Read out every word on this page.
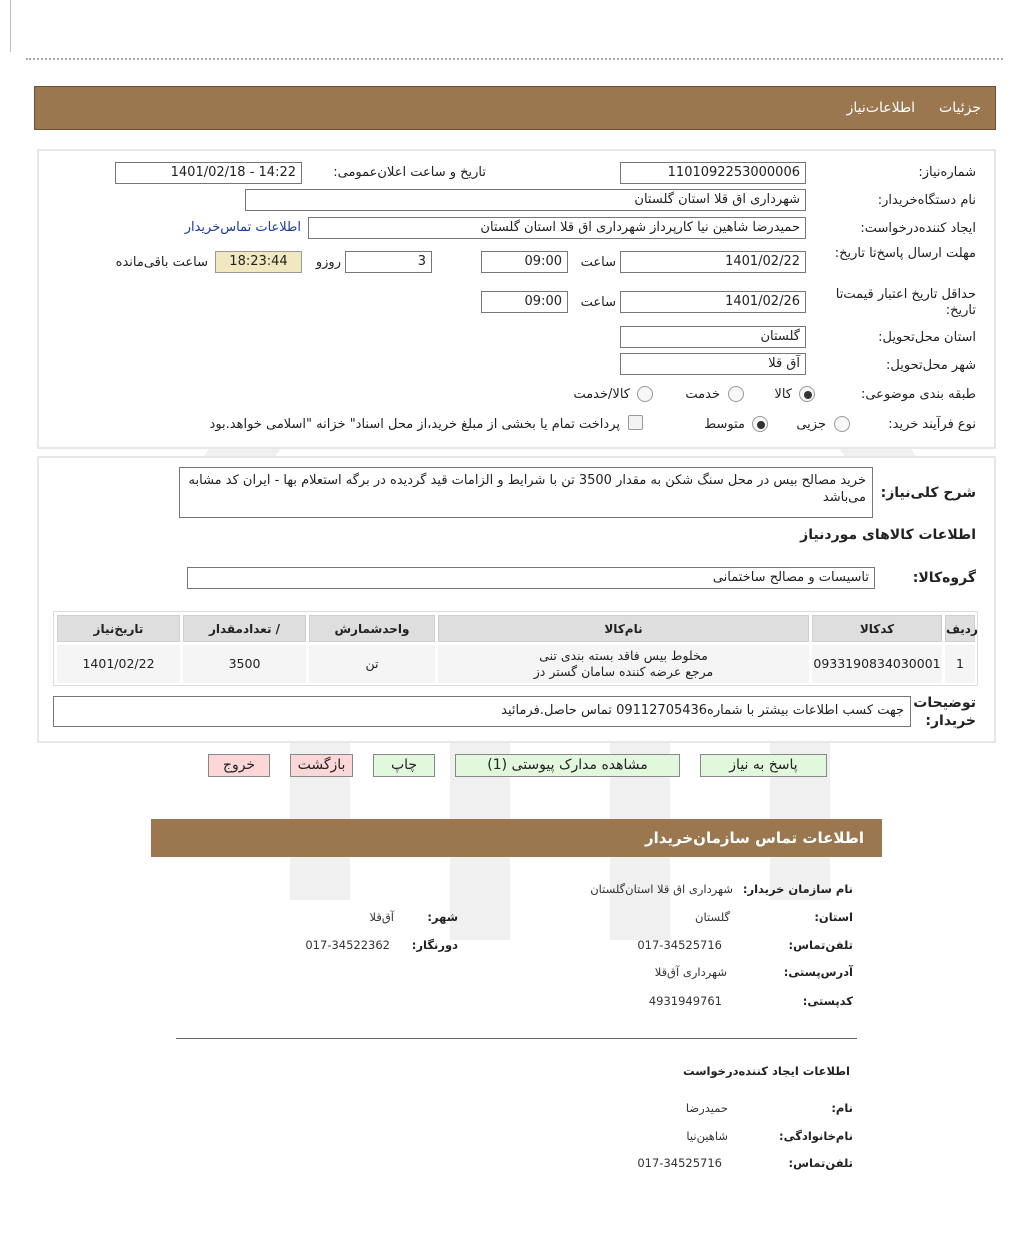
جزئیات
اطلاعات‌نیاز
شماره‌نیاز:
1101092253000006
تاریخ و ساعت اعلان‌عمومی:
1401/02/18 - 14:22
نام دستگاه‌خریدار:
شهرداری اق قلا استان گلستان
ایجاد کننده‌درخواست:
حمیدرضا شاهین نیا کارپرداز شهرداری اق قلا استان گلستان
اطلاعات تماس‌خریدار
مهلت ارسال پاسخ‌تا تاریخ:
1401/02/22
ساعت
09:00
3
روزو
18:23:44
ساعت باقی‌مانده
حداقل تاریخ اعتبار قیمت‌تا تاریخ:
1401/02/26
ساعت
09:00
استان محل‌تحویل:
گلستان
شهر محل‌تحویل:
آق قلا
طبقه بندی موضوعی:
کالا
خدمت
کالا/خدمت
نوع فرآیند خرید:
جزیی
متوسط
پرداخت تمام یا بخشی از مبلغ خرید،از محل اسناد" خزانه "اسلامی خواهد.بود
شرح کلی‌نیاز:
خرید مصالح بیس در محل سنگ شکن به مقدار 3500 تن با شرایط و الزامات قید گردیده در برگه استعلام بها - ایران کد مشابه می‌باشد
اطلاعات کالاهای موردنیاز
گروه‌کالا:
تاسیسات و مصالح ساختمانی
ردیف
کدکالا
نام‌کالا
واحدشمارش
تعداد‌مقدار /
تاریخ‌نیاز
1
0933190834030001
مخلوط بیس فاقد بسته بندی تنی
مرجع عرضه کننده سامان گستر دز
تن
3500
1401/02/22
توضیحات خریدار:
جهت کسب اطلاعات بیشتر با شماره09112705436 تماس حاصل.فرمائید
پاسخ به نیاز
مشاهده مدارک پیوستی (1)
چاپ
بازگشت
خروج
اطلاعات تماس سازمان‌خریدار
نام سازمان خریدار:
شهرداری اق قلا استان‌گلستان
استان:
گلستان
شهر:
آق‌قلا
تلفن‌تماس:
017-34525716
دورنگار:
017-34522362
آدرس‌پستی:
شهرداری آق‌قلا
کدپستی:
4931949761
اطلاعات ایجاد کننده‌درخواست
نام:
حمیدرضا
نام‌خانوادگی:
شاهین‌نیا
تلفن‌تماس:
017-34525716
